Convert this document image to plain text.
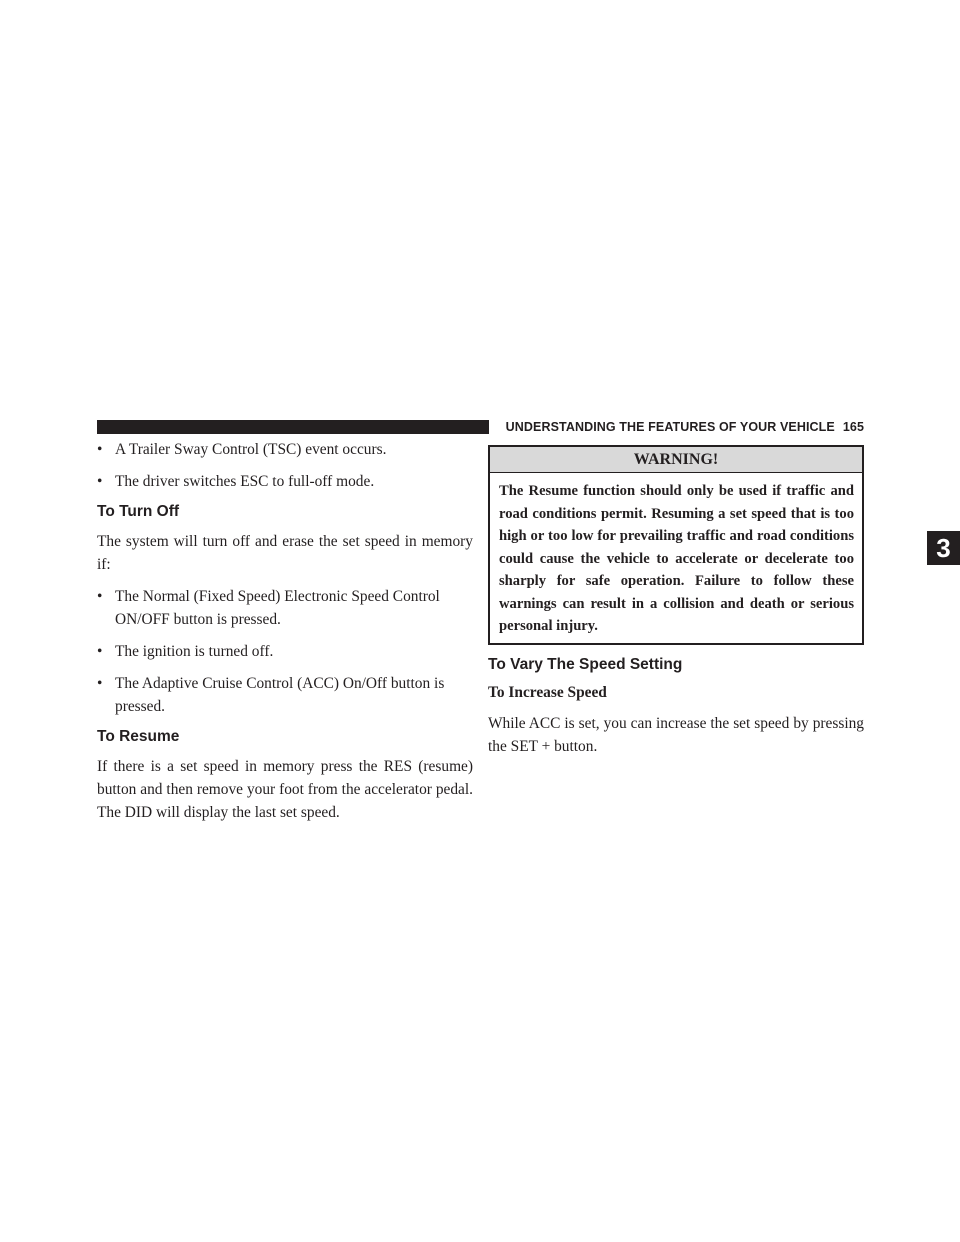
UNDERSTANDING THE FEATURES OF YOUR VEHICLE 165
3
• A Trailer Sway Control (TSC) event occurs.
• The driver switches ESC to full-off mode.
To Turn Off

The system will turn off and erase the set speed in memory if:

• The Normal (Fixed Speed) Electronic Speed Control ON/OFF button is pressed.
• The ignition is turned off.
• The Adaptive Cruise Control (ACC) On/Off button is pressed.
To Resume

If there is a set speed in memory press the RES (resume) button and then remove your foot from the accelerator pedal. The DID will display the last set speed.

WARNING!
The Resume function should only be used if traffic and road conditions permit. Resuming a set speed that is too high or too low for prevailing traffic and road conditions could cause the vehicle to accelerate or decelerate too sharply for safe operation. Failure to follow these warnings can result in a collision and death or serious personal injury.
To Vary The Speed Setting
To Increase Speed

While ACC is set, you can increase the set speed by pressing the SET + button.
